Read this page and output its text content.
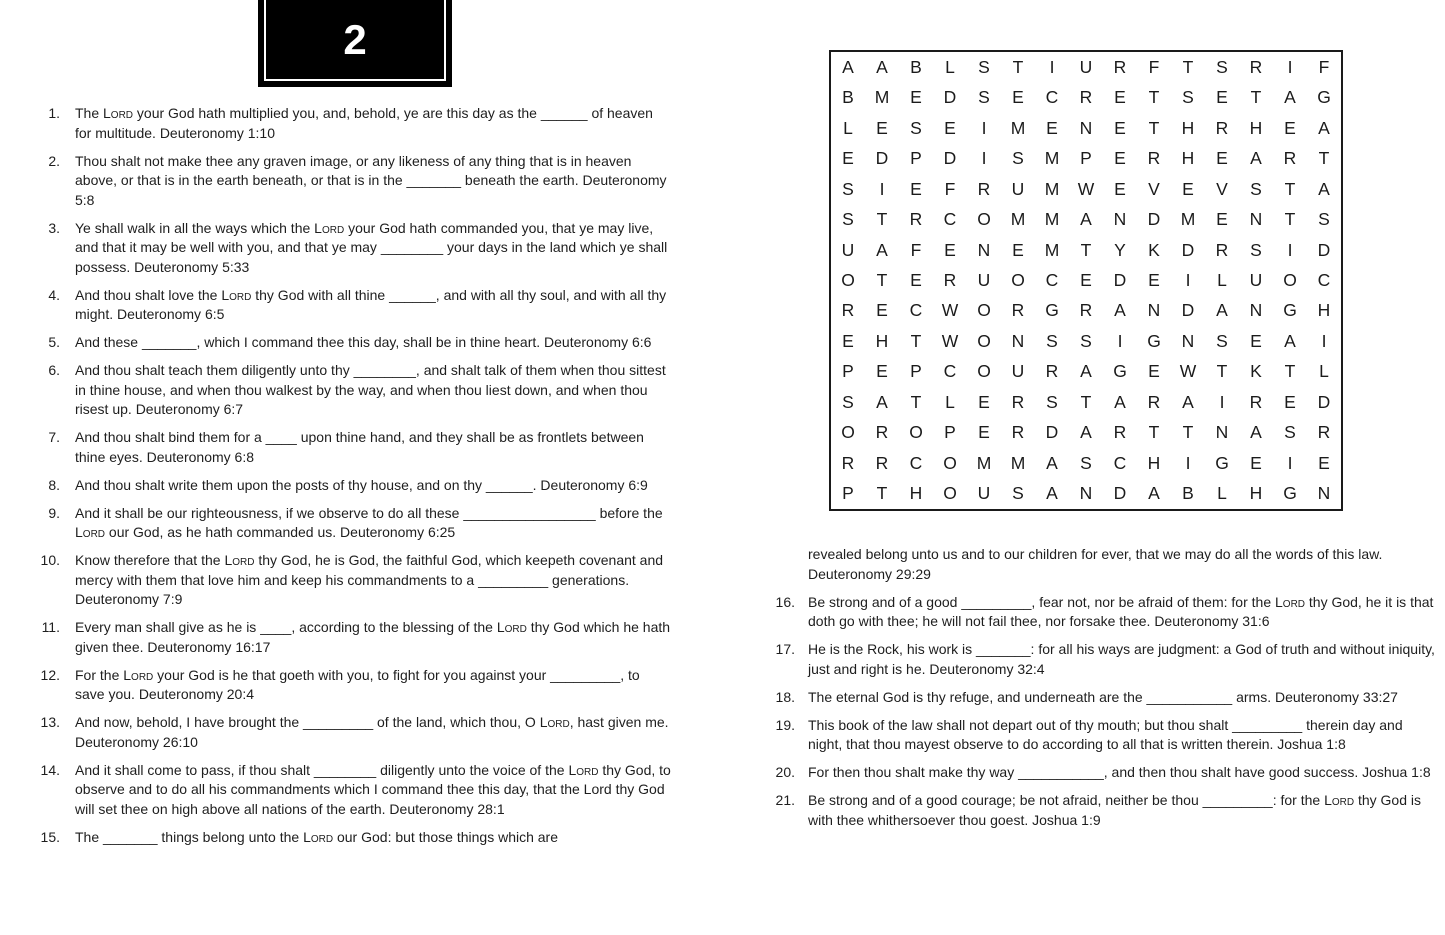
2
1. The Lord your God hath multiplied you, and, behold, ye are this day as the ______ of heaven for multitude. Deuteronomy 1:10
2. Thou shalt not make thee any graven image, or any likeness of any thing that is in heaven above, or that is in the earth beneath, or that is in the _______ beneath the earth. Deuteronomy 5:8
3. Ye shall walk in all the ways which the Lord your God hath commanded you, that ye may live, and that it may be well with you, and that ye may ________ your days in the land which ye shall possess. Deuteronomy 5:33
4. And thou shalt love the Lord thy God with all thine ______, and with all thy soul, and with all thy might. Deuteronomy 6:5
5. And these _______, which I command thee this day, shall be in thine heart. Deuteronomy 6:6
6. And thou shalt teach them diligently unto thy ________, and shalt talk of them when thou sittest in thine house, and when thou walkest by the way, and when thou liest down, and when thou risest up. Deuteronomy 6:7
7. And thou shalt bind them for a ____ upon thine hand, and they shall be as frontlets between thine eyes. Deuteronomy 6:8
8. And thou shalt write them upon the posts of thy house, and on thy ______. Deuteronomy 6:9
9. And it shall be our righteousness, if we observe to do all these _________________ before the Lord our God, as he hath commanded us. Deuteronomy 6:25
10. Know therefore that the Lord thy God, he is God, the faithful God, which keepeth covenant and mercy with them that love him and keep his commandments to a _________ generations. Deuteronomy 7:9
11. Every man shall give as he is ____, according to the blessing of the Lord thy God which he hath given thee. Deuteronomy 16:17
12. For the Lord your God is he that goeth with you, to fight for you against your _________, to save you. Deuteronomy 20:4
13. And now, behold, I have brought the _________ of the land, which thou, O Lord, hast given me. Deuteronomy 26:10
14. And it shall come to pass, if thou shalt ________ diligently unto the voice of the Lord thy God, to observe and to do all his commandments which I command thee this day, that the Lord thy God will set thee on high above all nations of the earth. Deuteronomy 28:1
15. The _______ things belong unto the Lord our God: but those things which are
A	A	B	L	S	T	I	U	R	F	T	S	R	I	F
B	M	E	D	S	E	C	R	E	T	S	E	T	A	G
L	E	S	E	I	M	E	N	E	T	H	R	H	E	A
E	D	P	D	I	S	M	P	E	R	H	E	A	R	T
S	I	E	F	R	U	M	W	E	V	E	V	S	T	A
S	T	R	C	O	M	M	A	N	D	M	E	N	T	S
U	A	F	E	N	E	M	T	Y	K	D	R	S	I	D
O	T	E	R	U	O	C	E	D	E	I	L	U	O	C
R	E	C	W	O	R	G	R	A	N	D	A	N	G	H
E	H	T	W	O	N	S	S	I	G	N	S	E	A	I
P	E	P	C	O	U	R	A	G	E	W	T	K	T	L
S	A	T	L	E	R	S	T	A	R	A	I	R	E	D
O	R	O	P	E	R	D	A	R	T	T	N	A	S	R
R	R	C	O	M	M	A	S	C	H	I	G	E	I	E
P	T	H	O	U	S	A	N	D	A	B	L	H	G	N
revealed belong unto us and to our children for ever, that we may do all the words of this law. Deuteronomy 29:29
16. Be strong and of a good _________, fear not, nor be afraid of them: for the Lord thy God, he it is that doth go with thee; he will not fail thee, nor forsake thee. Deuteronomy 31:6
17. He is the Rock, his work is _______: for all his ways are judgment: a God of truth and without iniquity, just and right is he. Deuteronomy 32:4
18. The eternal God is thy refuge, and underneath are the ___________ arms. Deuteronomy 33:27
19. This book of the law shall not depart out of thy mouth; but thou shalt _________ therein day and night, that thou mayest observe to do according to all that is written therein. Joshua 1:8
20. For then thou shalt make thy way ___________, and then thou shalt have good success. Joshua 1:8
21. Be strong and of a good courage; be not afraid, neither be thou _________: for the Lord thy God is with thee whithersoever thou goest. Joshua 1:9
